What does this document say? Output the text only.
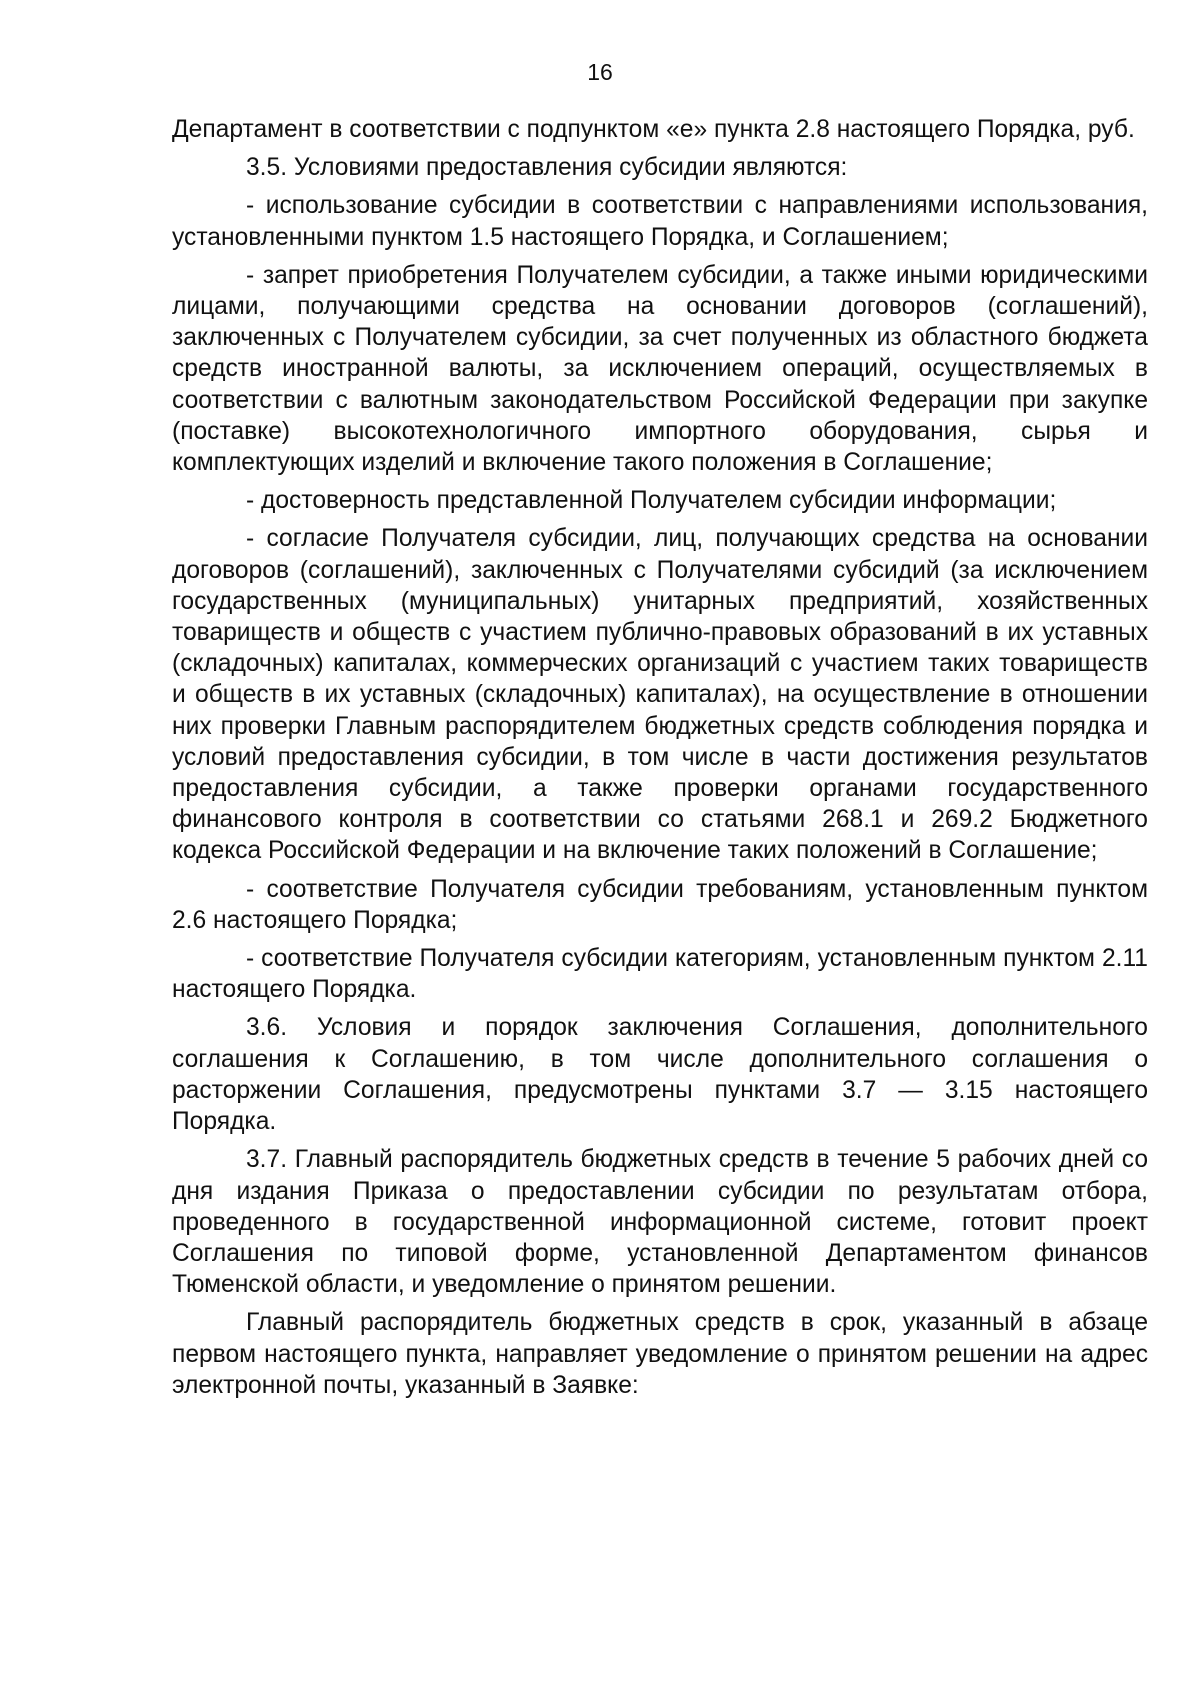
16

Департамент в соответствии с подпунктом «е» пункта 2.8 настоящего Порядка, руб.

3.5. Условиями предоставления субсидии являются:

- использование субсидии в соответствии с направлениями использования, установленными пунктом 1.5 настоящего Порядка, и Соглашением;

- запрет приобретения Получателем субсидии, а также иными юридическими лицами, получающими средства на основании договоров (соглашений), заключенных с Получателем субсидии, за счет полученных из областного бюджета средств иностранной валюты, за исключением операций, осуществляемых в соответствии с валютным законодательством Российской Федерации при закупке (поставке) высокотехнологичного импортного оборудования, сырья и комплектующих изделий и включение такого положения в Соглашение;

- достоверность представленной Получателем субсидии информации;

- согласие Получателя субсидии, лиц, получающих средства на основании договоров (соглашений), заключенных с Получателями субсидий (за исключением государственных (муниципальных) унитарных предприятий, хозяйственных товариществ и обществ с участием публично-правовых образований в их уставных (складочных) капиталах, коммерческих организаций с участием таких товариществ и обществ в их уставных (складочных) капиталах), на осуществление в отношении них проверки Главным распорядителем бюджетных средств соблюдения порядка и условий предоставления субсидии, в том числе в части достижения результатов предоставления субсидии, а также проверки органами государственного финансового контроля в соответствии со статьями 268.1 и 269.2 Бюджетного кодекса Российской Федерации и на включение таких положений в Соглашение;

- соответствие Получателя субсидии требованиям, установленным пунктом 2.6 настоящего Порядка;

- соответствие Получателя субсидии категориям, установленным пунктом 2.11 настоящего Порядка.

3.6. Условия и порядок заключения Соглашения, дополнительного соглашения к Соглашению, в том числе дополнительного соглашения о расторжении Соглашения, предусмотрены пунктами 3.7 — 3.15 настоящего Порядка.

3.7. Главный распорядитель бюджетных средств в течение 5 рабочих дней со дня издания Приказа о предоставлении субсидии по результатам отбора, проведенного в государственной информационной системе, готовит проект Соглашения по типовой форме, установленной Департаментом финансов Тюменской области, и уведомление о принятом решении.

Главный распорядитель бюджетных средств в срок, указанный в абзаце первом настоящего пункта, направляет уведомление о принятом решении на адрес электронной почты, указанный в Заявке:
